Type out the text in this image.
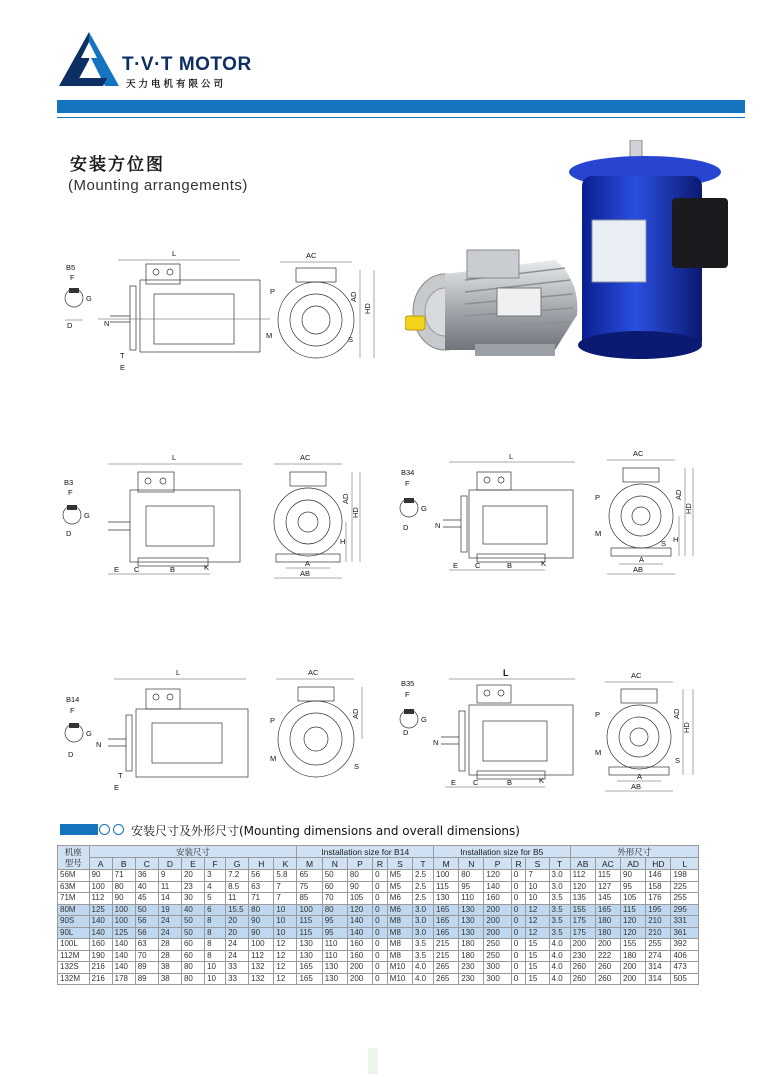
T·V·T MOTOR
天力电机有限公司
安装方位图
(Mounting arrangements)
B5
F
G
D
L
N
T
E
AC
P
M	S
AD
HD
B3
F
G
D
L
E C	B	K
AC
A
AB
AD
HD
H
B34
F
G
D
L
N
E C	B	K
AC
P
M
S
A
AB
AD
HD
H
B14
F
G
D
L
N
T
E
AC
P
M
S
AD
B35
F
G
D
L
N
E C	B	K
AC
P
M
S
A
AB
AD
HD
安装尺寸及外形尺寸(Mounting dimensions and overall dimensions)
机座
型号	安装尺寸									Installation size for B14						Installation size for B5						外形尺寸				
	A	B	C	D	E	F	G	H	K	M	N	P	R	S	T	M	N	P	R	S	T	AB	AC	AD	HD	L
56M	90	71	36	9	20	3	7.2	56	5.8	65	50	80	0	M5	2.5	100	80	120	0	7	3.0	112	115	90	146	198
63M	100	80	40	11	23	4	8.5	63	7	75	60	90	0	M5	2.5	115	95	140	0	10	3.0	120	127	95	158	225
71M	112	90	45	14	30	5	11	71	7	85	70	105	0	M6	2.5	130	110	160	0	10	3.5	135	145	105	176	255
80M	125	100	50	19	40	6	15.5	80	10	100	80	120	0	M6	3.0	165	130	200	0	12	3.5	155	165	115	195	295
90S	140	100	56	24	50	8	20	90	10	115	95	140	0	M8	3.0	165	130	200	0	12	3.5	175	180	120	210	331
90L	140	125	56	24	50	8	20	90	10	115	95	140	0	M8	3.0	165	130	200	0	12	3.5	175	180	120	210	361
100L	160	140	63	28	60	8	24	100	12	130	110	160	0	M8	3.5	215	180	250	0	15	4.0	200	200	155	255	392
112M	190	140	70	28	60	8	24	112	12	130	110	160	0	M8	3.5	215	180	250	0	15	4.0	230	222	180	274	406
132S	216	140	89	38	80	10	33	132	12	165	130	200	0	M10	4.0	265	230	300	0	15	4.0	260	260	200	314	473
132M	216	178	89	38	80	10	33	132	12	165	130	200	0	M10	4.0	265	230	300	0	15	4.0	260	260	200	314	505
